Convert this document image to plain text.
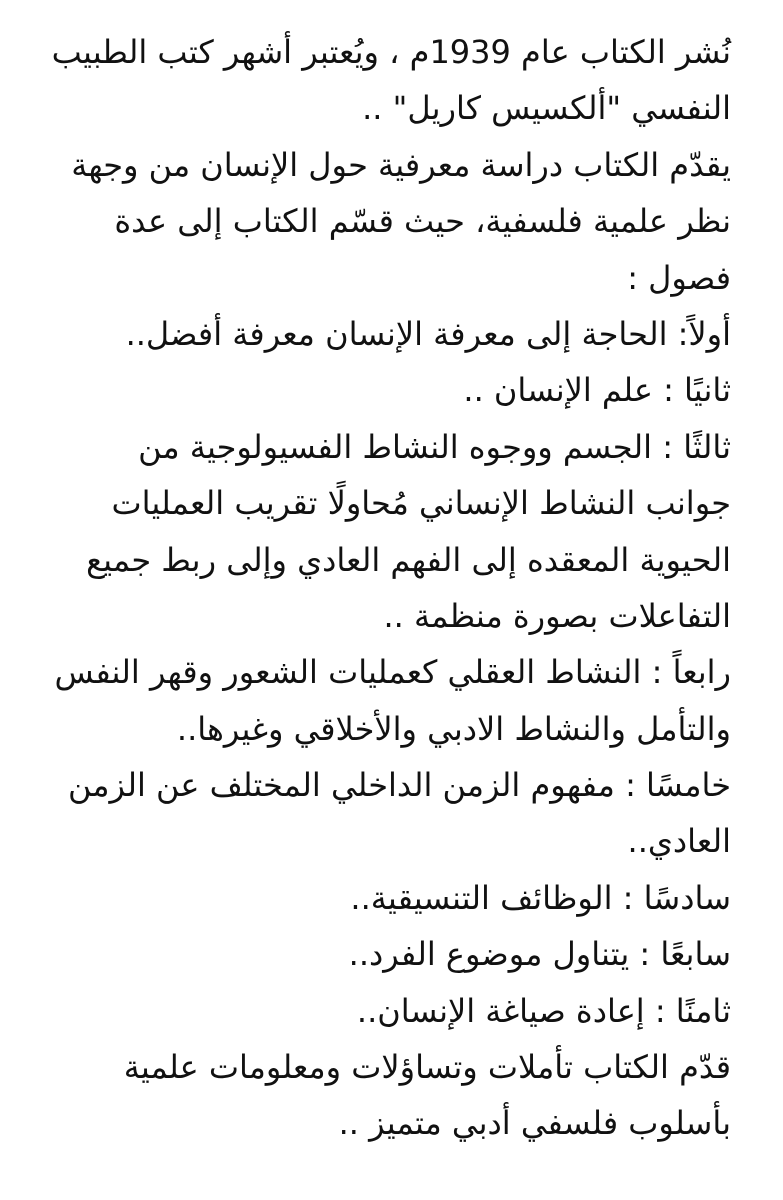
نُشر الكتاب عام 1939م ، ويُعتبر أشهر كتب الطبيب
النفسي "ألكسيس كاريل" ..
يقدّم الكتاب دراسة معرفية حول الإنسان من وجهة
نظر علمية فلسفية، حيث قسّم الكتاب إلى عدة
فصول :
أولاً: الحاجة إلى معرفة الإنسان معرفة أفضل..
ثانيًا : علم الإنسان ..
ثالثًا : الجسم ووجوه النشاط الفسيولوجية من
جوانب النشاط الإنساني مُحاولًا تقريب العمليات
الحيوية المعقده إلى الفهم العادي وإلى ربط جميع
التفاعلات بصورة منظمة ..
رابعاً : النشاط العقلي كعمليات الشعور وقهر النفس
والتأمل والنشاط الادبي والأخلاقي وغيرها..
خامسًا : مفهوم الزمن الداخلي المختلف عن الزمن
العادي..
سادسًا : الوظائف التنسيقية..
سابعًا : يتناول موضوع الفرد..
ثامنًا : إعادة صياغة الإنسان..
قدّم الكتاب تأملات وتساؤلات ومعلومات علمية
بأسلوب فلسفي أدبي متميز ..
